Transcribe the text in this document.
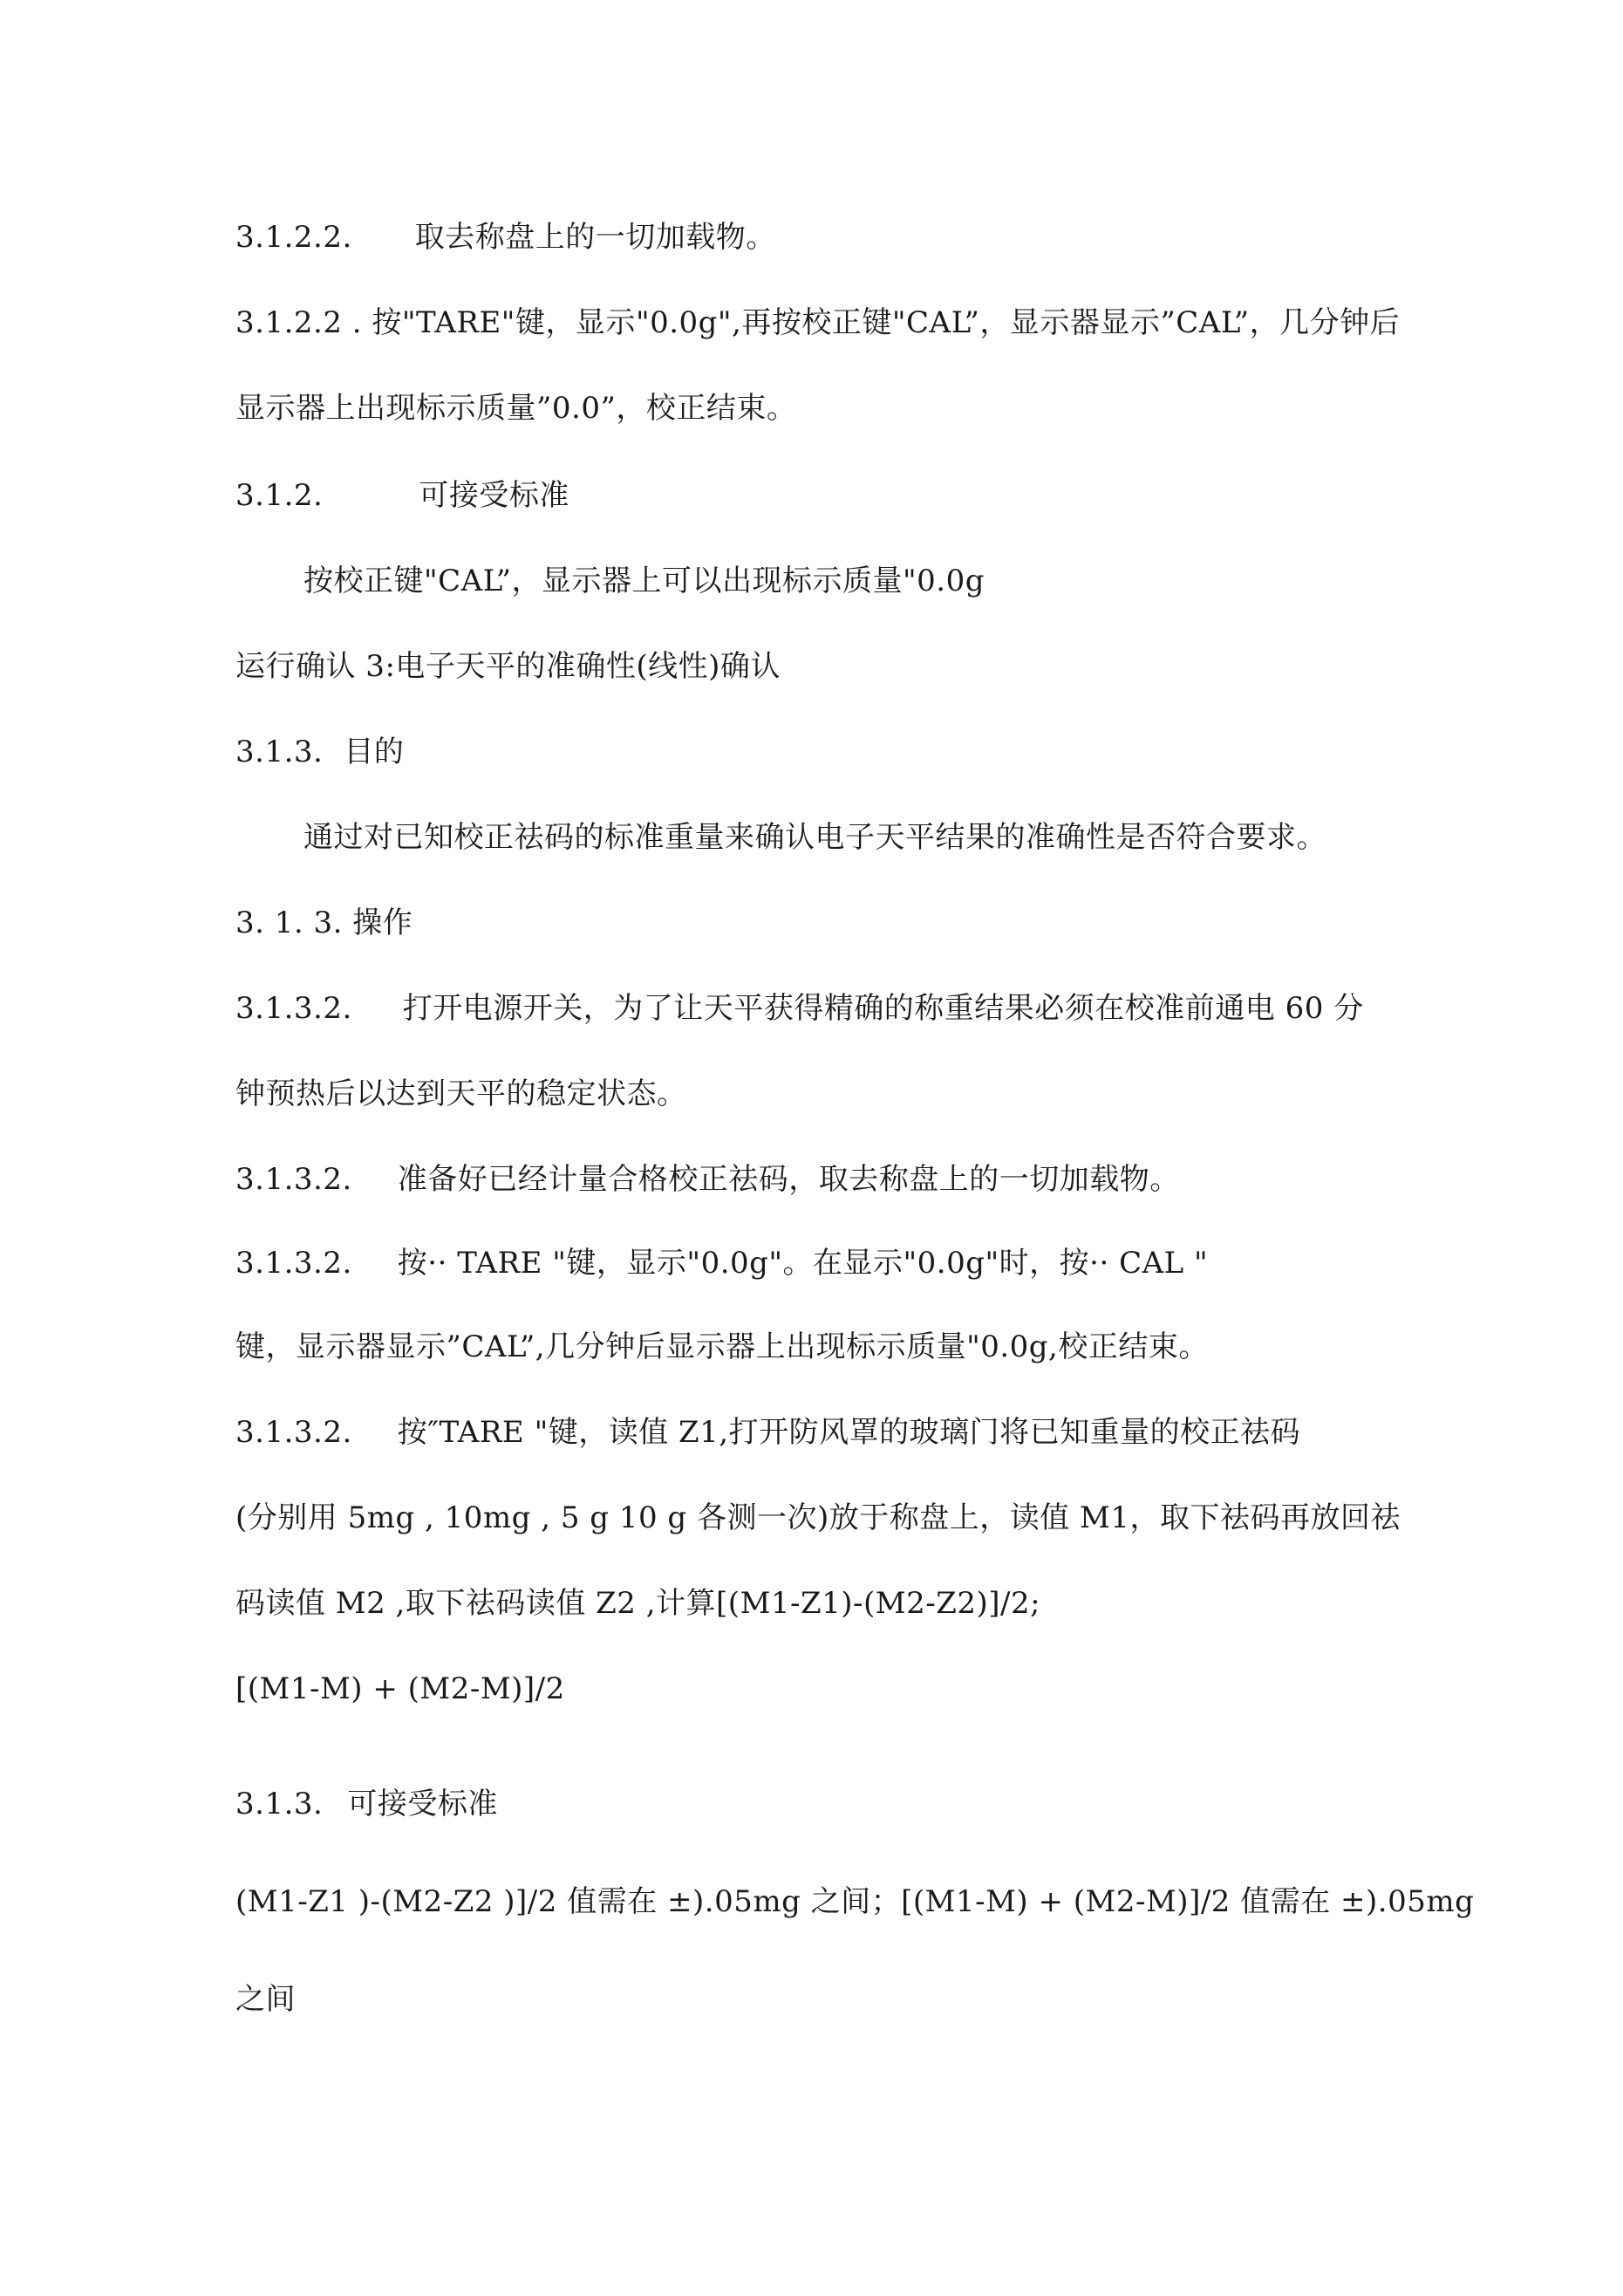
3.1.2.2. 取去称盘上的一切加载物。
3.1.2.2 . 按"TARE"键，显示"0.0g",再按校正键"CAL”，显示器显示”CAL”，几分钟后
显示器上出现标示质量”0.0”，校正结束。
3.1.2.	可接受标准
按校正键"CAL”，显示器上可以出现标示质量"0.0g
运行确认 3:电子天平的准确性(线性)确认
3.1.3. 目的
通过对已知校正祛码的标准重量来确认电子天平结果的准确性是否符合要求。
3. 1. 3. 操作
3.1.3.2. 打开电源开关，为了让天平获得精确的称重结果必须在校准前通电 60 分
钟预热后以达到天平的稳定状态。
3.1.3.2. 准备好已经计量合格校正祛码，取去称盘上的一切加载物。
3.1.3.2. 按·· TARE "键，显示"0.0g"。在显示"0.0g"时，按·· CAL "
键，显示器显示”CAL”,几分钟后显示器上出现标示质量"0.0g,校正结束。
3.1.3.2. 按″TARE "键，读值 Z1,打开防风罩的玻璃门将已知重量的校正祛码
(分别用 5mg , 10mg , 5 g 10 g 各测一次)放于称盘上，读值 M1，取下祛码再放回祛
码读值 M2 ,取下祛码读值 Z2 ,计算[(M1-Z1)-(M2-Z2)]/2;
[(M1-M) + (M2-M)]/2
3.1.3. 可接受标准
(M1-Z1 )-(M2-Z2 )]/2 值需在 ±).05mg 之间；[(M1-M) + (M2-M)]/2 值需在 ±).05mg
之间
